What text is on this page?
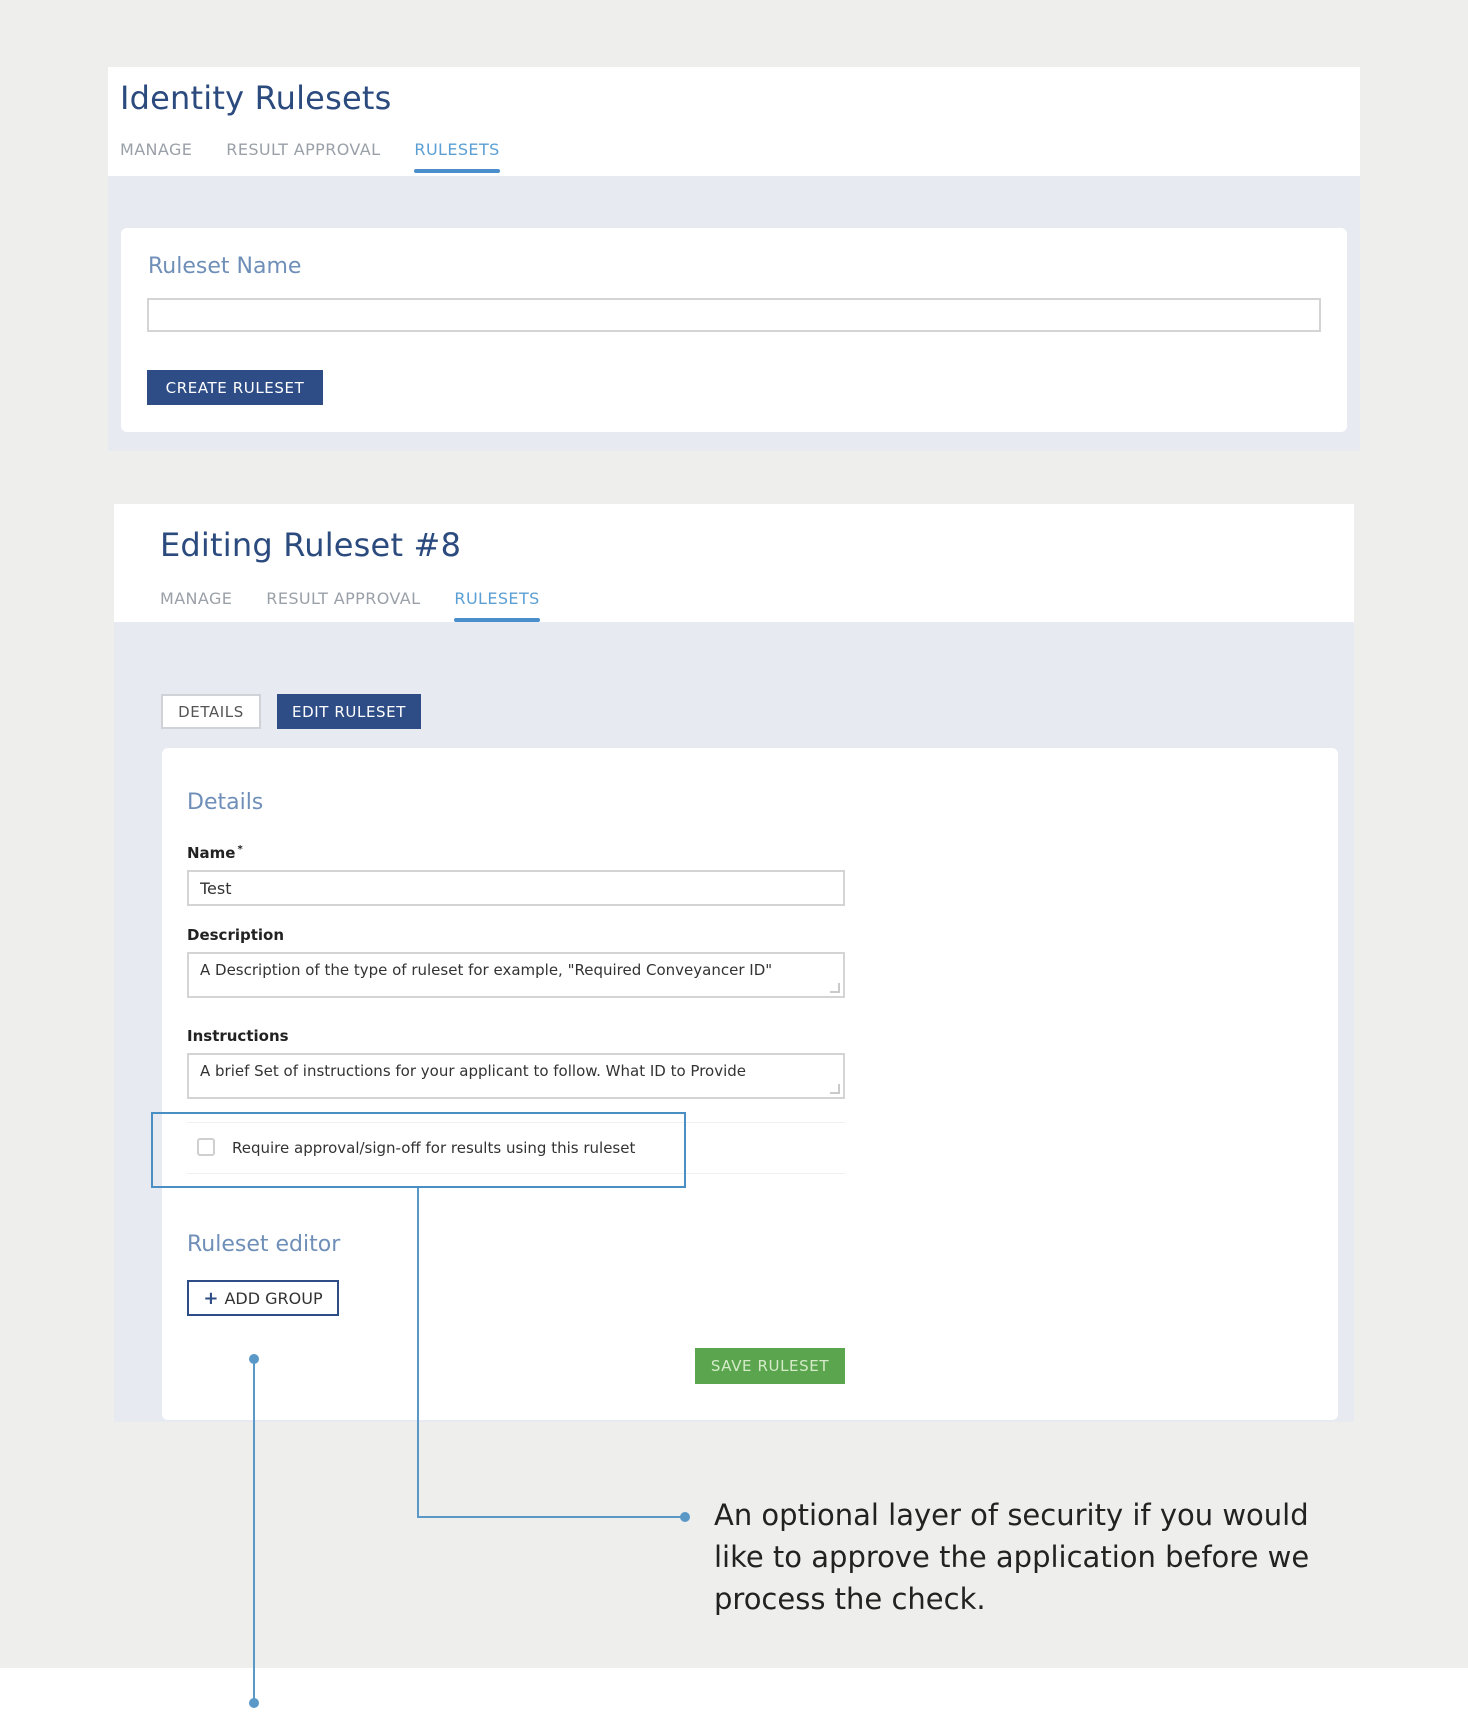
Identity Rulesets
MANAGE RESULT APPROVAL RULESETS
Ruleset Name
CREATE RULESET
Editing Ruleset #8
MANAGE RESULT APPROVAL RULESETS
DETAILS	EDIT RULESET
Details
Name *
Test
Description
A Description of the type of ruleset for example, "Required Conveyancer ID"
Instructions
A brief Set of instructions for your applicant to follow. What ID to Provide
Require approval/sign-off for results using this ruleset
Ruleset editor
+ ADD GROUP
SAVE RULESET
An optional layer of security if you would like to approve the application before we process the check.
